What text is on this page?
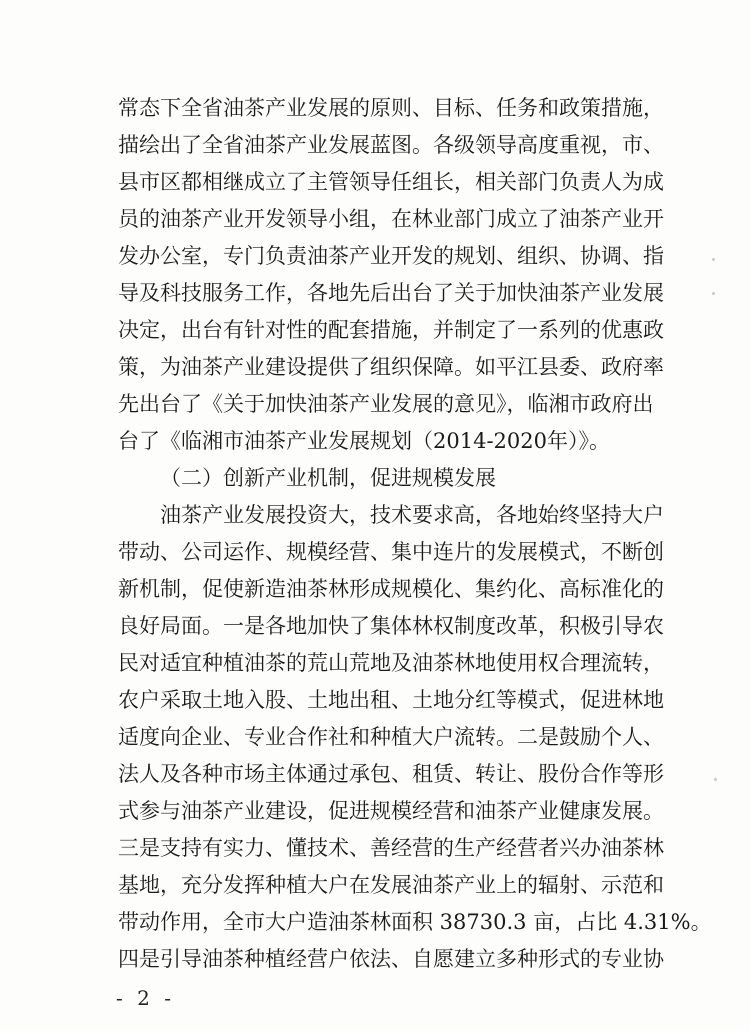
常态下全省油茶产业发展的原则、目标、任务和政策措施，
描绘出了全省油茶产业发展蓝图。各级领导高度重视，市、
县市区都相继成立了主管领导任组长，相关部门负责人为成
员的油茶产业开发领导小组，在林业部门成立了油茶产业开
发办公室，专门负责油茶产业开发的规划、组织、协调、指
导及科技服务工作，各地先后出台了关于加快油茶产业发展
决定，出台有针对性的配套措施，并制定了一系列的优惠政
策，为油茶产业建设提供了组织保障。如平江县委、政府率
先出台了《关于加快油茶产业发展的意见》，临湘市政府出
台了《临湘市油茶产业发展规划（2014-2020年）》。
（二）创新产业机制，促进规模发展
油茶产业发展投资大，技术要求高，各地始终坚持大户
带动、公司运作、规模经营、集中连片的发展模式，不断创
新机制，促使新造油茶林形成规模化、集约化、高标准化的
良好局面。一是各地加快了集体林权制度改革，积极引导农
民对适宜种植油茶的荒山荒地及油茶林地使用权合理流转，
农户采取土地入股、土地出租、土地分红等模式，促进林地
适度向企业、专业合作社和种植大户流转。二是鼓励个人、
法人及各种市场主体通过承包、租赁、转让、股份合作等形
式参与油茶产业建设，促进规模经营和油茶产业健康发展。
三是支持有实力、懂技术、善经营的生产经营者兴办油茶林
基地，充分发挥种植大户在发展油茶产业上的辐射、示范和
带动作用，全市大户造油茶林面积 38730.3 亩，占比 4.31%。
四是引导油茶种植经营户依法、自愿建立多种形式的专业协
- 2 -
